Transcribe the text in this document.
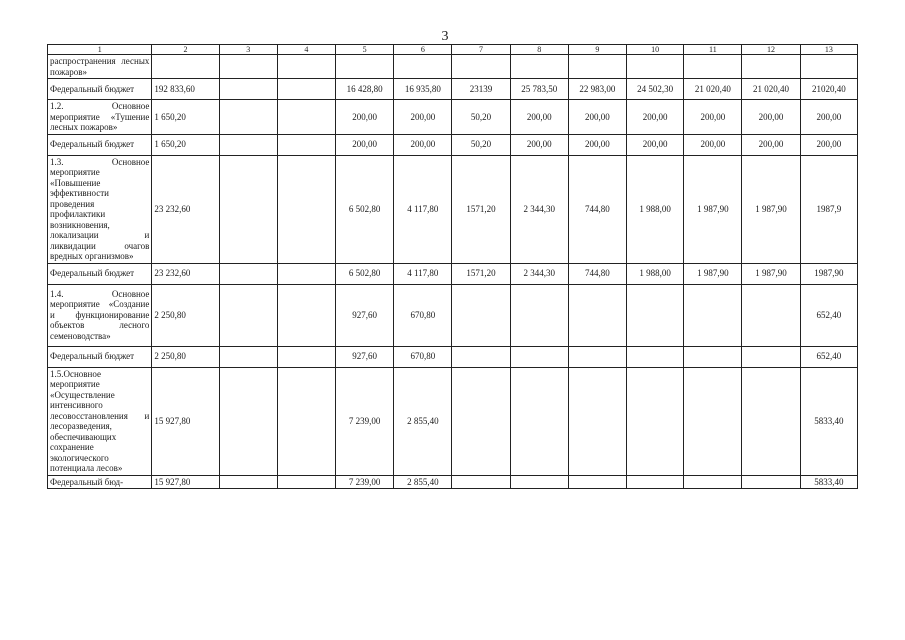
3
1	2	3	4	5	6	7	8	9	10	11	12	13
распространения лесных пожаров»												
Федеральный бюджет	192 833,60			16 428,80	16 935,80	23139	25 783,50	22 983,00	24 502,30	21 020,40	21 020,40	21020,40
1.2. Основное мероприятие «Тушение лесных пожаров»	1 650,20			200,00	200,00	50,20	200,00	200,00	200,00	200,00	200,00	200,00
Федеральный бюджет	1 650,20			200,00	200,00	50,20	200,00	200,00	200,00	200,00	200,00	200,00
1.3. Основное мероприятие «Повышение эффективности проведения профилактики возникновения, локализации и ликвидации очагов вредных организмов»	23 232,60			6 502,80	4 117,80	1571,20	2 344,30	744,80	1 988,00	1 987,90	1 987,90	1987,9
Федеральный бюджет	23 232,60			6 502,80	4 117,80	1571,20	2 344,30	744,80	1 988,00	1 987,90	1 987,90	1987,90
1.4. Основное мероприятие «Создание и функционирование объектов лесного семеноводства»	2 250,80			927,60	670,80							652,40
Федеральный бюджет	2 250,80			927,60	670,80							652,40
1.5.Основное мероприятие «Осуществление интенсивного лесовосстановления и лесоразведения, обеспечивающих сохранение экологического потенциала лесов»	15 927,80			7 239,00	2 855,40							5833,40
Федеральный бюд-	15 927,80			7 239,00	2 855,40							5833,40
